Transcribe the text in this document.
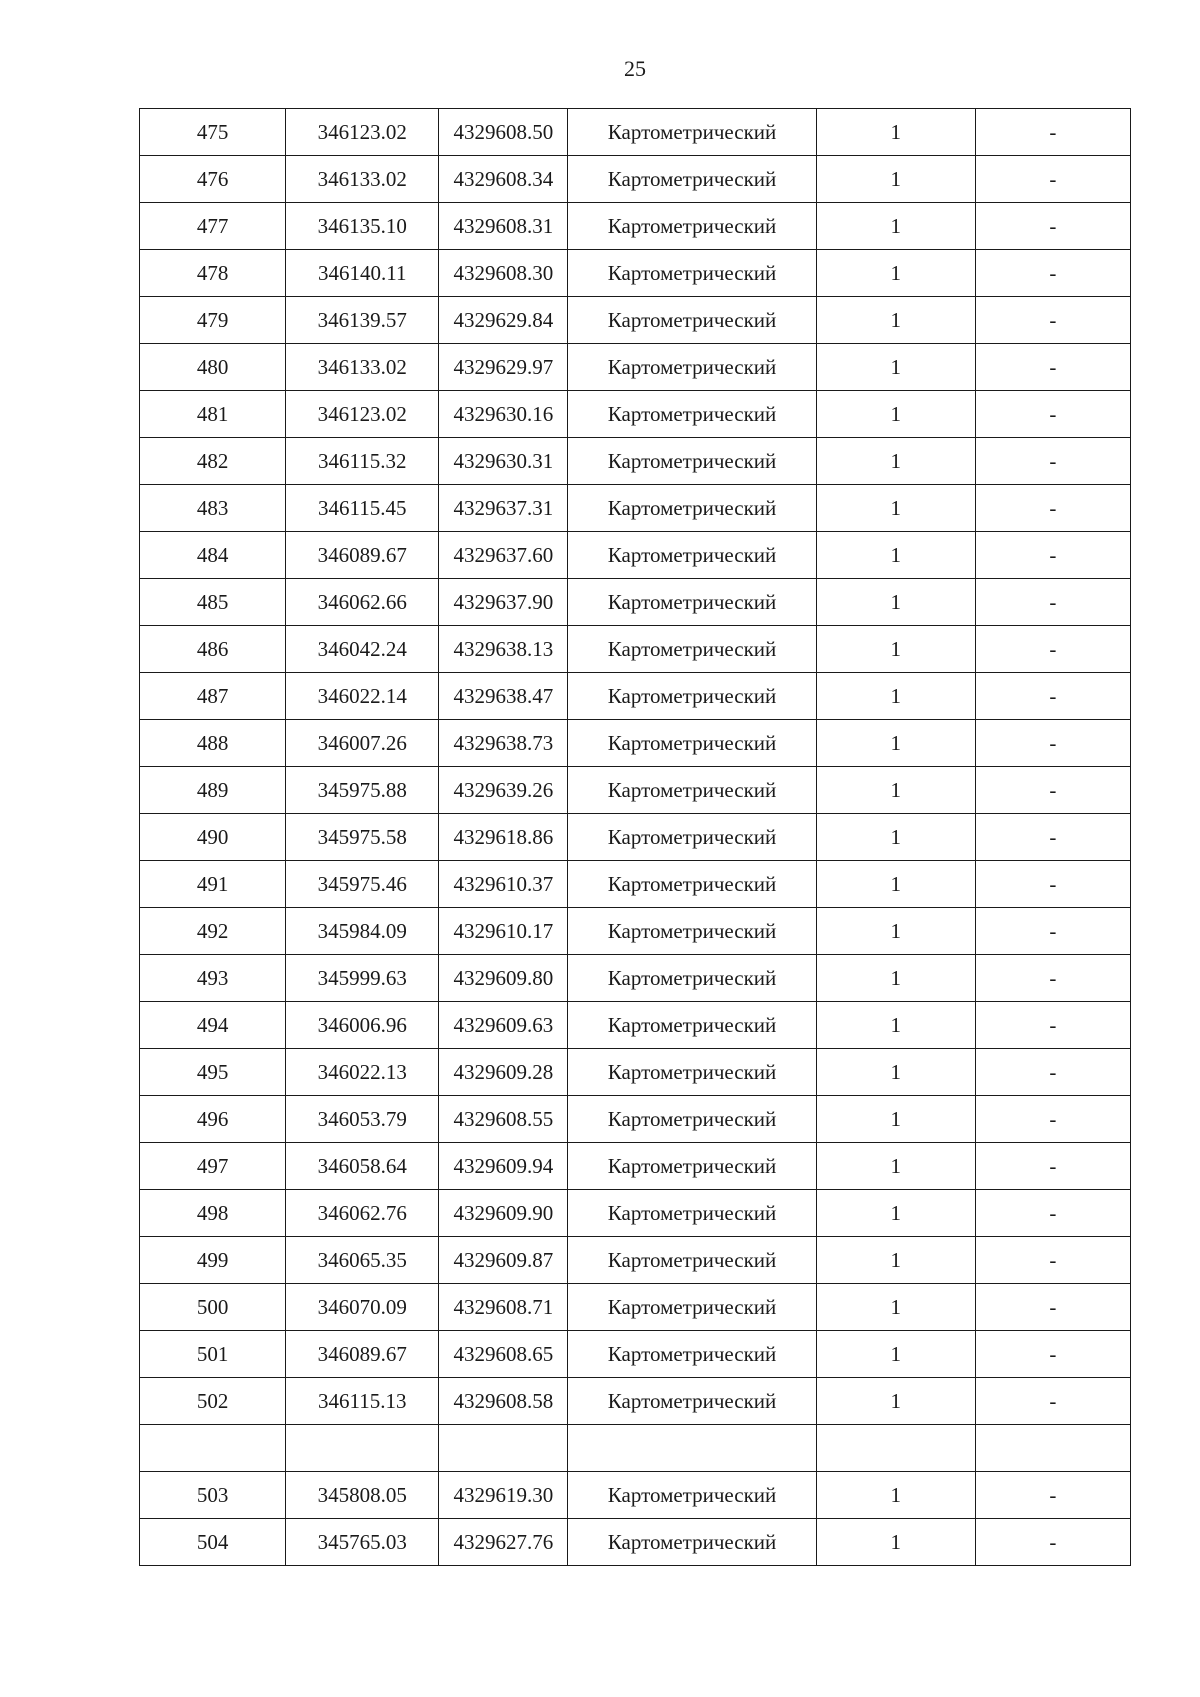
25
475	346123.02	4329608.50	Картометрический	1	-
476	346133.02	4329608.34	Картометрический	1	-
477	346135.10	4329608.31	Картометрический	1	-
478	346140.11	4329608.30	Картометрический	1	-
479	346139.57	4329629.84	Картометрический	1	-
480	346133.02	4329629.97	Картометрический	1	-
481	346123.02	4329630.16	Картометрический	1	-
482	346115.32	4329630.31	Картометрический	1	-
483	346115.45	4329637.31	Картометрический	1	-
484	346089.67	4329637.60	Картометрический	1	-
485	346062.66	4329637.90	Картометрический	1	-
486	346042.24	4329638.13	Картометрический	1	-
487	346022.14	4329638.47	Картометрический	1	-
488	346007.26	4329638.73	Картометрический	1	-
489	345975.88	4329639.26	Картометрический	1	-
490	345975.58	4329618.86	Картометрический	1	-
491	345975.46	4329610.37	Картометрический	1	-
492	345984.09	4329610.17	Картометрический	1	-
493	345999.63	4329609.80	Картометрический	1	-
494	346006.96	4329609.63	Картометрический	1	-
495	346022.13	4329609.28	Картометрический	1	-
496	346053.79	4329608.55	Картометрический	1	-
497	346058.64	4329609.94	Картометрический	1	-
498	346062.76	4329609.90	Картометрический	1	-
499	346065.35	4329609.87	Картометрический	1	-
500	346070.09	4329608.71	Картометрический	1	-
501	346089.67	4329608.65	Картометрический	1	-
502	346115.13	4329608.58	Картометрический	1	-

503	345808.05	4329619.30	Картометрический	1	-
504	345765.03	4329627.76	Картометрический	1	-
